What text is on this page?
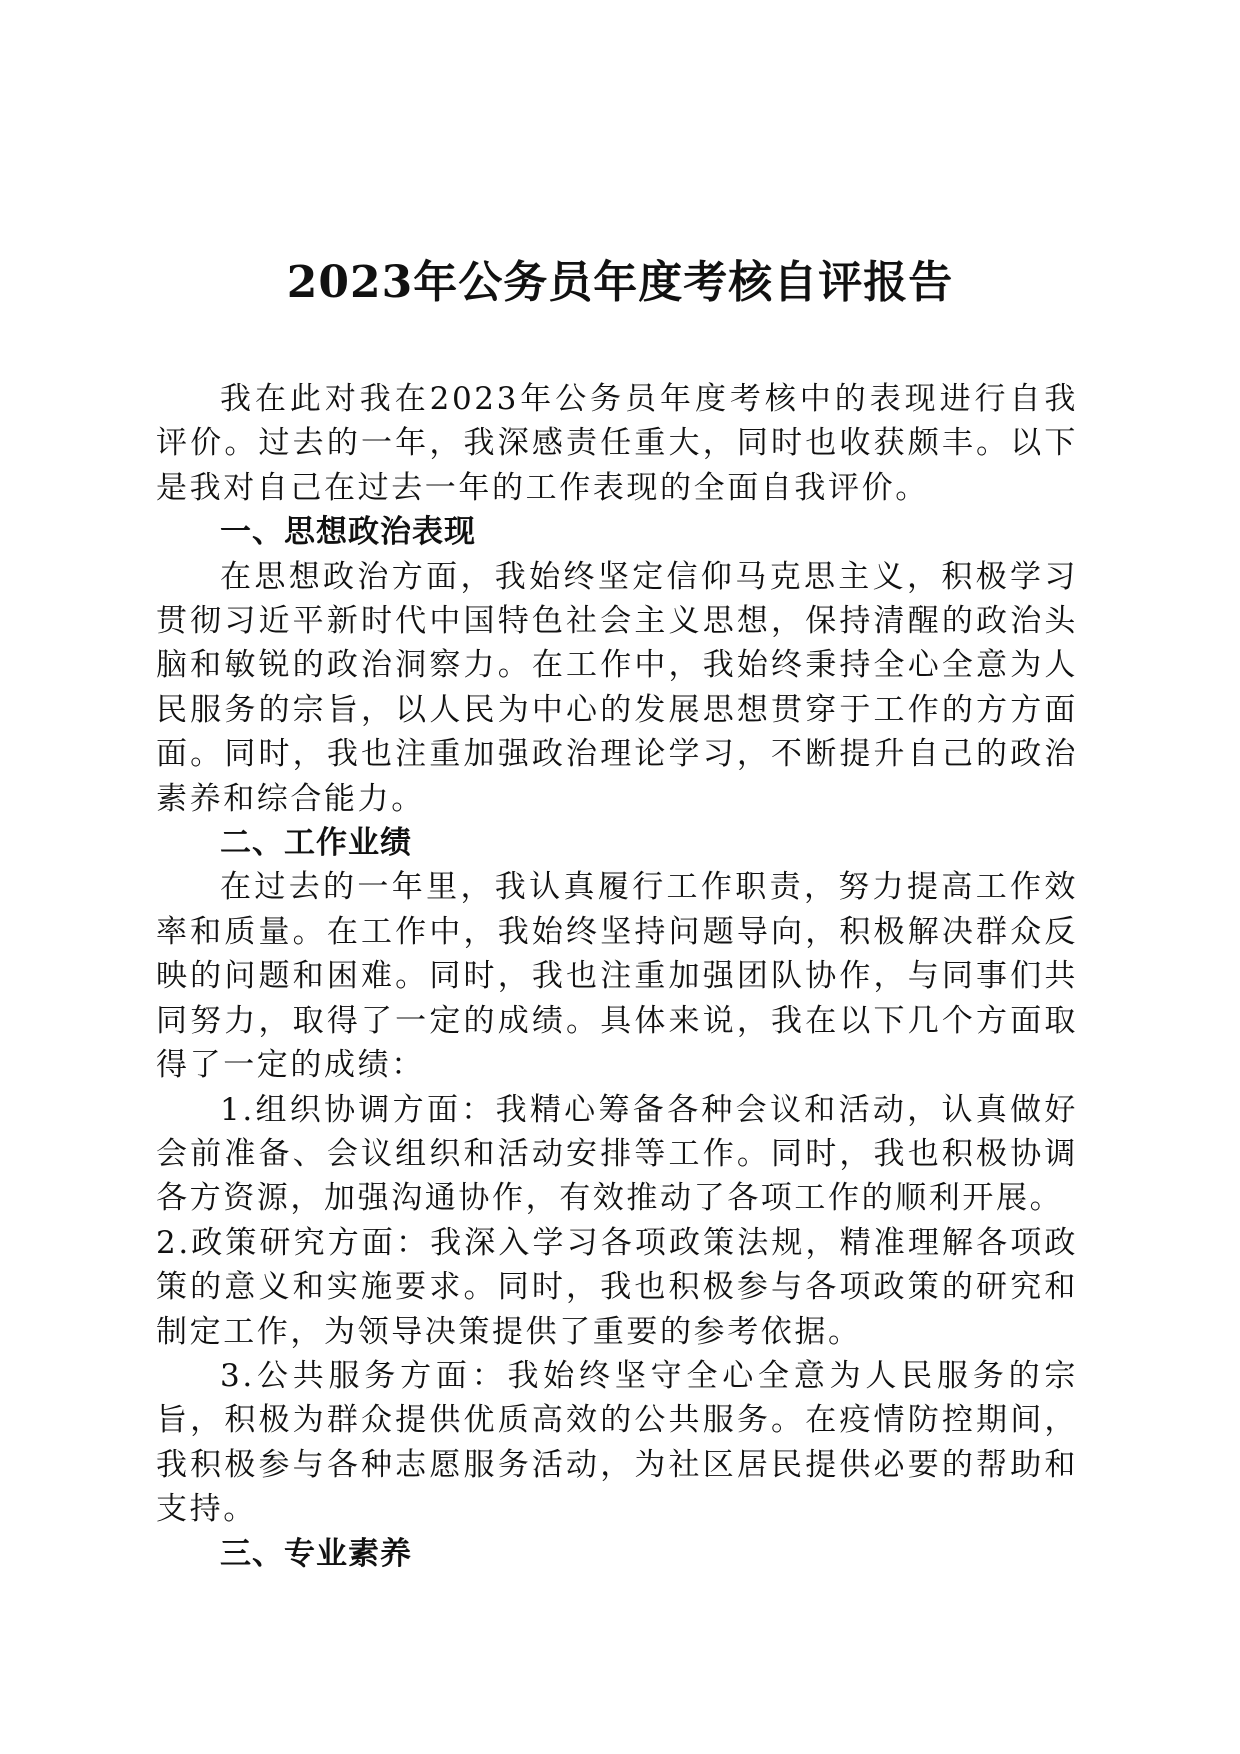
2023年公务员年度考核自评报告

我在此对我在2023年公务员年度考核中的表现进行自我评价。过去的一年，我深感责任重大，同时也收获颇丰。以下是我对自己在过去一年的工作表现的全面自我评价。

一、思想政治表现

在思想政治方面，我始终坚定信仰马克思主义，积极学习贯彻习近平新时代中国特色社会主义思想，保持清醒的政治头脑和敏锐的政治洞察力。在工作中，我始终秉持全心全意为人民服务的宗旨，以人民为中心的发展思想贯穿于工作的方方面面。同时，我也注重加强政治理论学习，不断提升自己的政治素养和综合能力。

二、工作业绩

在过去的一年里，我认真履行工作职责，努力提高工作效率和质量。在工作中，我始终坚持问题导向，积极解决群众反映的问题和困难。同时，我也注重加强团队协作，与同事们共同努力，取得了一定的成绩。具体来说，我在以下几个方面取得了一定的成绩：

1.组织协调方面：我精心筹备各种会议和活动，认真做好会前准备、会议组织和活动安排等工作。同时，我也积极协调各方资源，加强沟通协作，有效推动了各项工作的顺利开展。

2.政策研究方面：我深入学习各项政策法规，精准理解各项政策的意义和实施要求。同时，我也积极参与各项政策的研究和制定工作，为领导决策提供了重要的参考依据。

3.公共服务方面：我始终坚守全心全意为人民服务的宗旨，积极为群众提供优质高效的公共服务。在疫情防控期间，我积极参与各种志愿服务活动，为社区居民提供必要的帮助和支持。

三、专业素养
